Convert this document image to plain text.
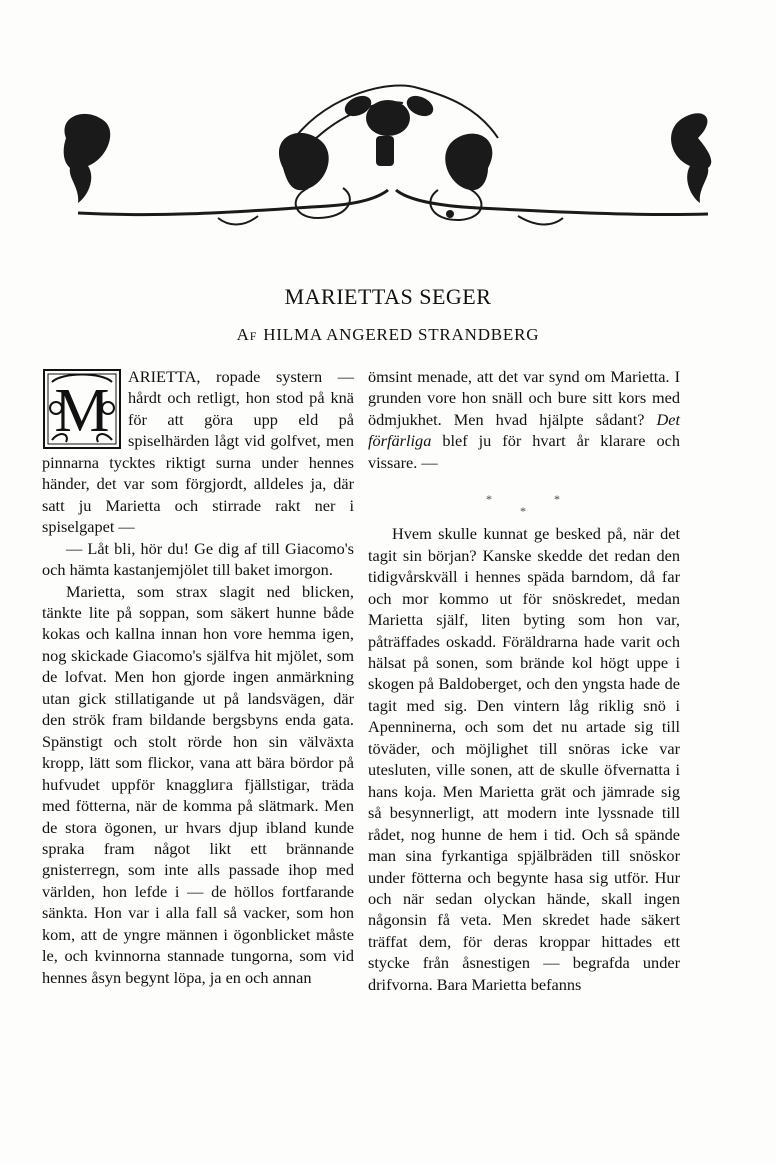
MARIETTAS SEGER
Af HILMA ANGERED STRANDBERG
M

ARIETTA, ropade systern — hårdt och retligt, hon stod på knä för att göra upp eld på spiselhärden lågt vid golfvet, men pinnarna tycktes riktigt surna under hennes händer, det var som förgjordt, alldeles ja, där satt ju Marietta och stirrade rakt ner i spiselgapet —

— Låt bli, hör du! Ge dig af till Giacomo's och hämta kastanjemjölet till baket imorgon.

Marietta, som strax slagit ned blicken, tänkte lite på soppan, som säkert hunne både kokas och kallna innan hon vore hemma igen, nog skickade Giacomo's själfva hit mjölet, som de lofvat. Men hon gjorde ingen anmärkning utan gick stillatigande ut på landsvägen, där den strök fram bildande bergsbyns enda gata. Spänstigt och stolt rörde hon sin välväxta kropp, lätt som flickor, vana att bära bördor på hufvudet uppför knagglига fjällstigar, träda med fötterna, när de komma på slätmark. Men de stora ögonen, ur hvars djup ibland kunde spraka fram något likt ett brännande gnisterregn, som inte alls passade ihop med världen, hon lefde i — de höllos fortfarande sänkta. Hon var i alla fall så vacker, som hon kom, att de yngre männen i ögonblicket måste le, och kvinnorna stannade tungorna, som vid hennes åsyn begynt löpa, ja en och annan

ömsint menade, att det var synd om Marietta. I grunden vore hon snäll och bure sitt kors med ödmjukhet. Men hvad hjälpte sådant? Det förfärliga blef ju för hvart år klarare och vissare. —

*	*
*

Hvem skulle kunnat ge besked på, när det tagit sin början? Kanske skedde det redan den tidigvårskväll i hennes späda barndom, då far och mor kommo ut för snöskredet, medan Marietta själf, liten byting som hon var, påträffades oskadd. Föräldrarna hade varit och hälsat på sonen, som brände kol högt uppe i skogen på Baldoberget, och den yngsta hade de tagit med sig. Den vintern låg riklig snö i Apenninerna, och som det nu artade sig till töväder, och möjlighet till snöras icke var utesluten, ville sonen, att de skulle öfvernatta i hans koja. Men Marietta grät och jämrade sig så besynnerligt, att modern inte lyssnade till rådet, nog hunne de hem i tid. Och så spände man sina fyrkantiga spjälbräden till snöskor under fötterna och begynte hasa sig utför. Hur och när sedan olyckan hände, skall ingen någonsin få veta. Men skredet hade säkert träffat dem, för deras kroppar hittades ett stycke från åsnestigen — begrafda under drifvorna. Bara Marietta befanns
